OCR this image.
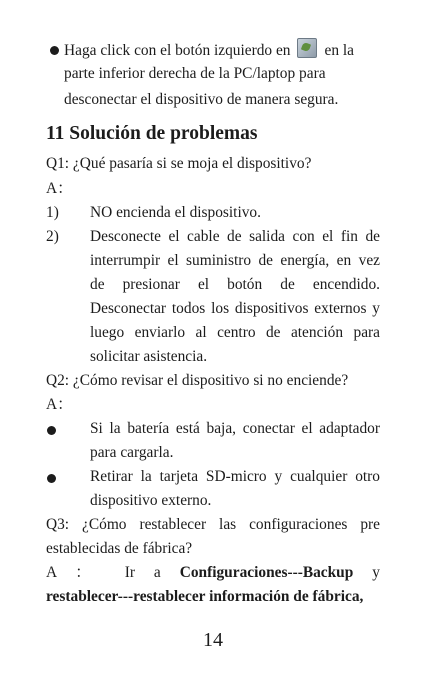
Haga click con el botón izquierdo en en la
parte inferior derecha de la PC/laptop para
desconectar el dispositivo de manera segura.
11 Solución de problemas
Q1: ¿Qué pasaría si se moja el dispositivo?
A：
1) NO encienda el dispositivo.
2) Desconecte el cable de salida con el fin de
interrumpir el suministro de energía, en vez
de presionar el botón de encendido.
Desconectar todos los dispositivos externos y
luego enviarlo al centro de atención para
solicitar asistencia.
Q2: ¿Cómo revisar el dispositivo si no enciende?
A：
Si la batería está baja, conectar el adaptador
para cargarla.
Retirar la tarjeta SD-micro y cualquier otro
dispositivo externo.
Q3: ¿Cómo restablecer las configuraciones pre
establecidas de fábrica?
A ： Ir a Configuraciones---Backup y
restablecer---restablecer información de fábrica,
14
